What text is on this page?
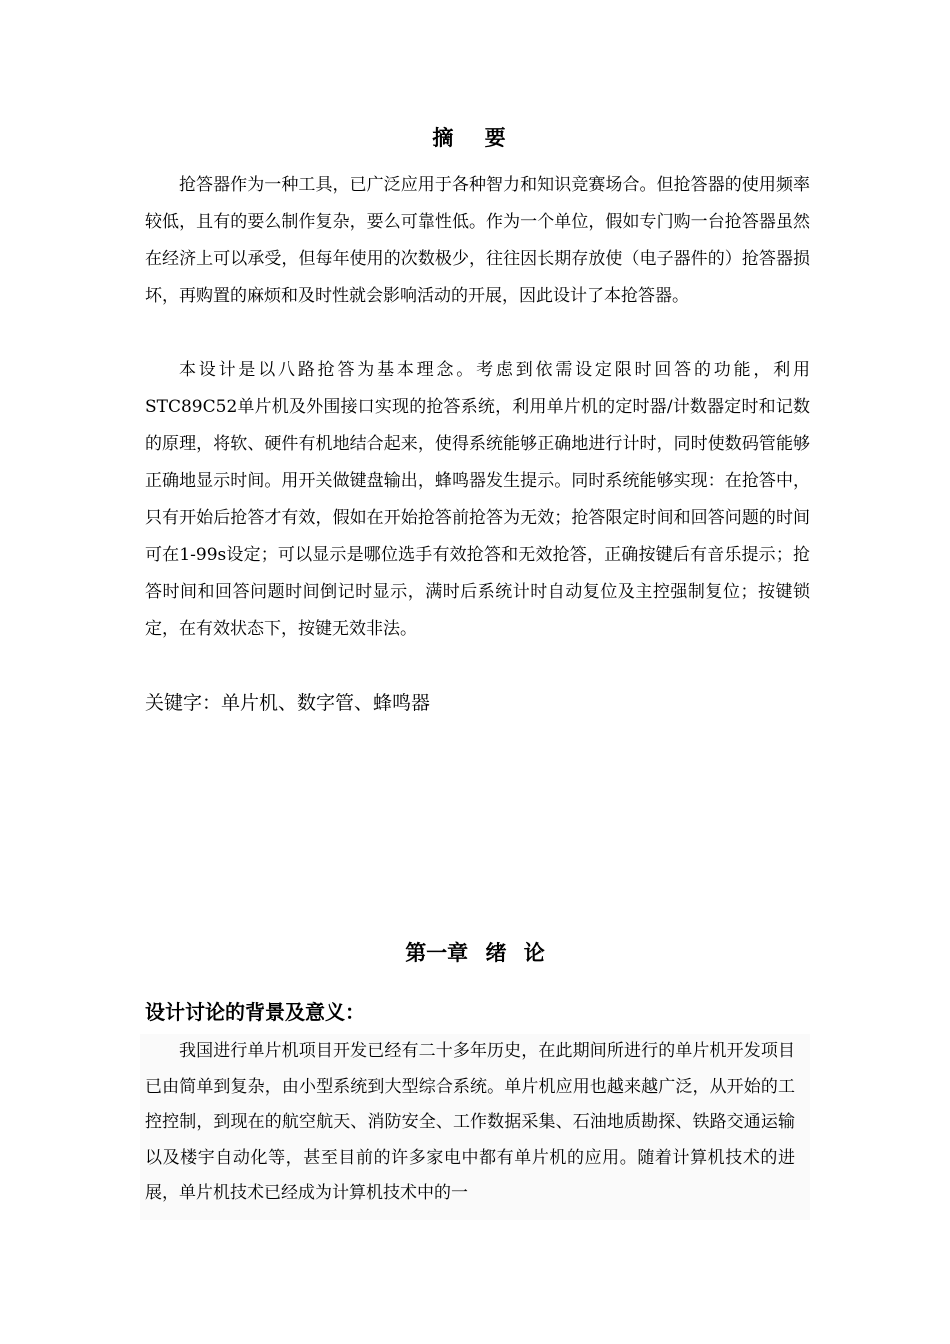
摘 要

抢答器作为一种工具，已广泛应用于各种智力和知识竞赛场合。但抢答器的使用频率较低，且有的要么制作复杂，要么可靠性低。作为一个单位，假如专门购一台抢答器虽然在经济上可以承受，但每年使用的次数极少，往往因长期存放使（电子器件的）抢答器损坏，再购置的麻烦和及时性就会影响活动的开展，因此设计了本抢答器。

本设计是以八路抢答为基本理念。考虑到依需设定限时回答的功能，利用STC89C52单片机及外围接口实现的抢答系统，利用单片机的定时器/计数器定时和记数的原理，将软、硬件有机地结合起来，使得系统能够正确地进行计时，同时使数码管能够正确地显示时间。用开关做键盘输出，蜂鸣器发生提示。同时系统能够实现：在抢答中，只有开始后抢答才有效，假如在开始抢答前抢答为无效；抢答限定时间和回答问题的时间可在1-99s设定；可以显示是哪位选手有效抢答和无效抢答，正确按键后有音乐提示；抢答时间和回答问题时间倒记时显示，满时后系统计时自动复位及主控强制复位；按键锁定，在有效状态下，按键无效非法。

关键字：单片机、数字管、蜂鸣器
第一章 绪 论
设计讨论的背景及意义：

我国进行单片机项目开发已经有二十多年历史，在此期间所进行的单片机开发项目已由简单到复杂，由小型系统到大型综合系统。单片机应用也越来越广泛，从开始的工控控制，到现在的航空航天、消防安全、工作数据采集、石油地质勘探、铁路交通运输以及楼宇自动化等，甚至目前的许多家电中都有单片机的应用。随着计算机技术的进展，单片机技术已经成为计算机技术中的一
